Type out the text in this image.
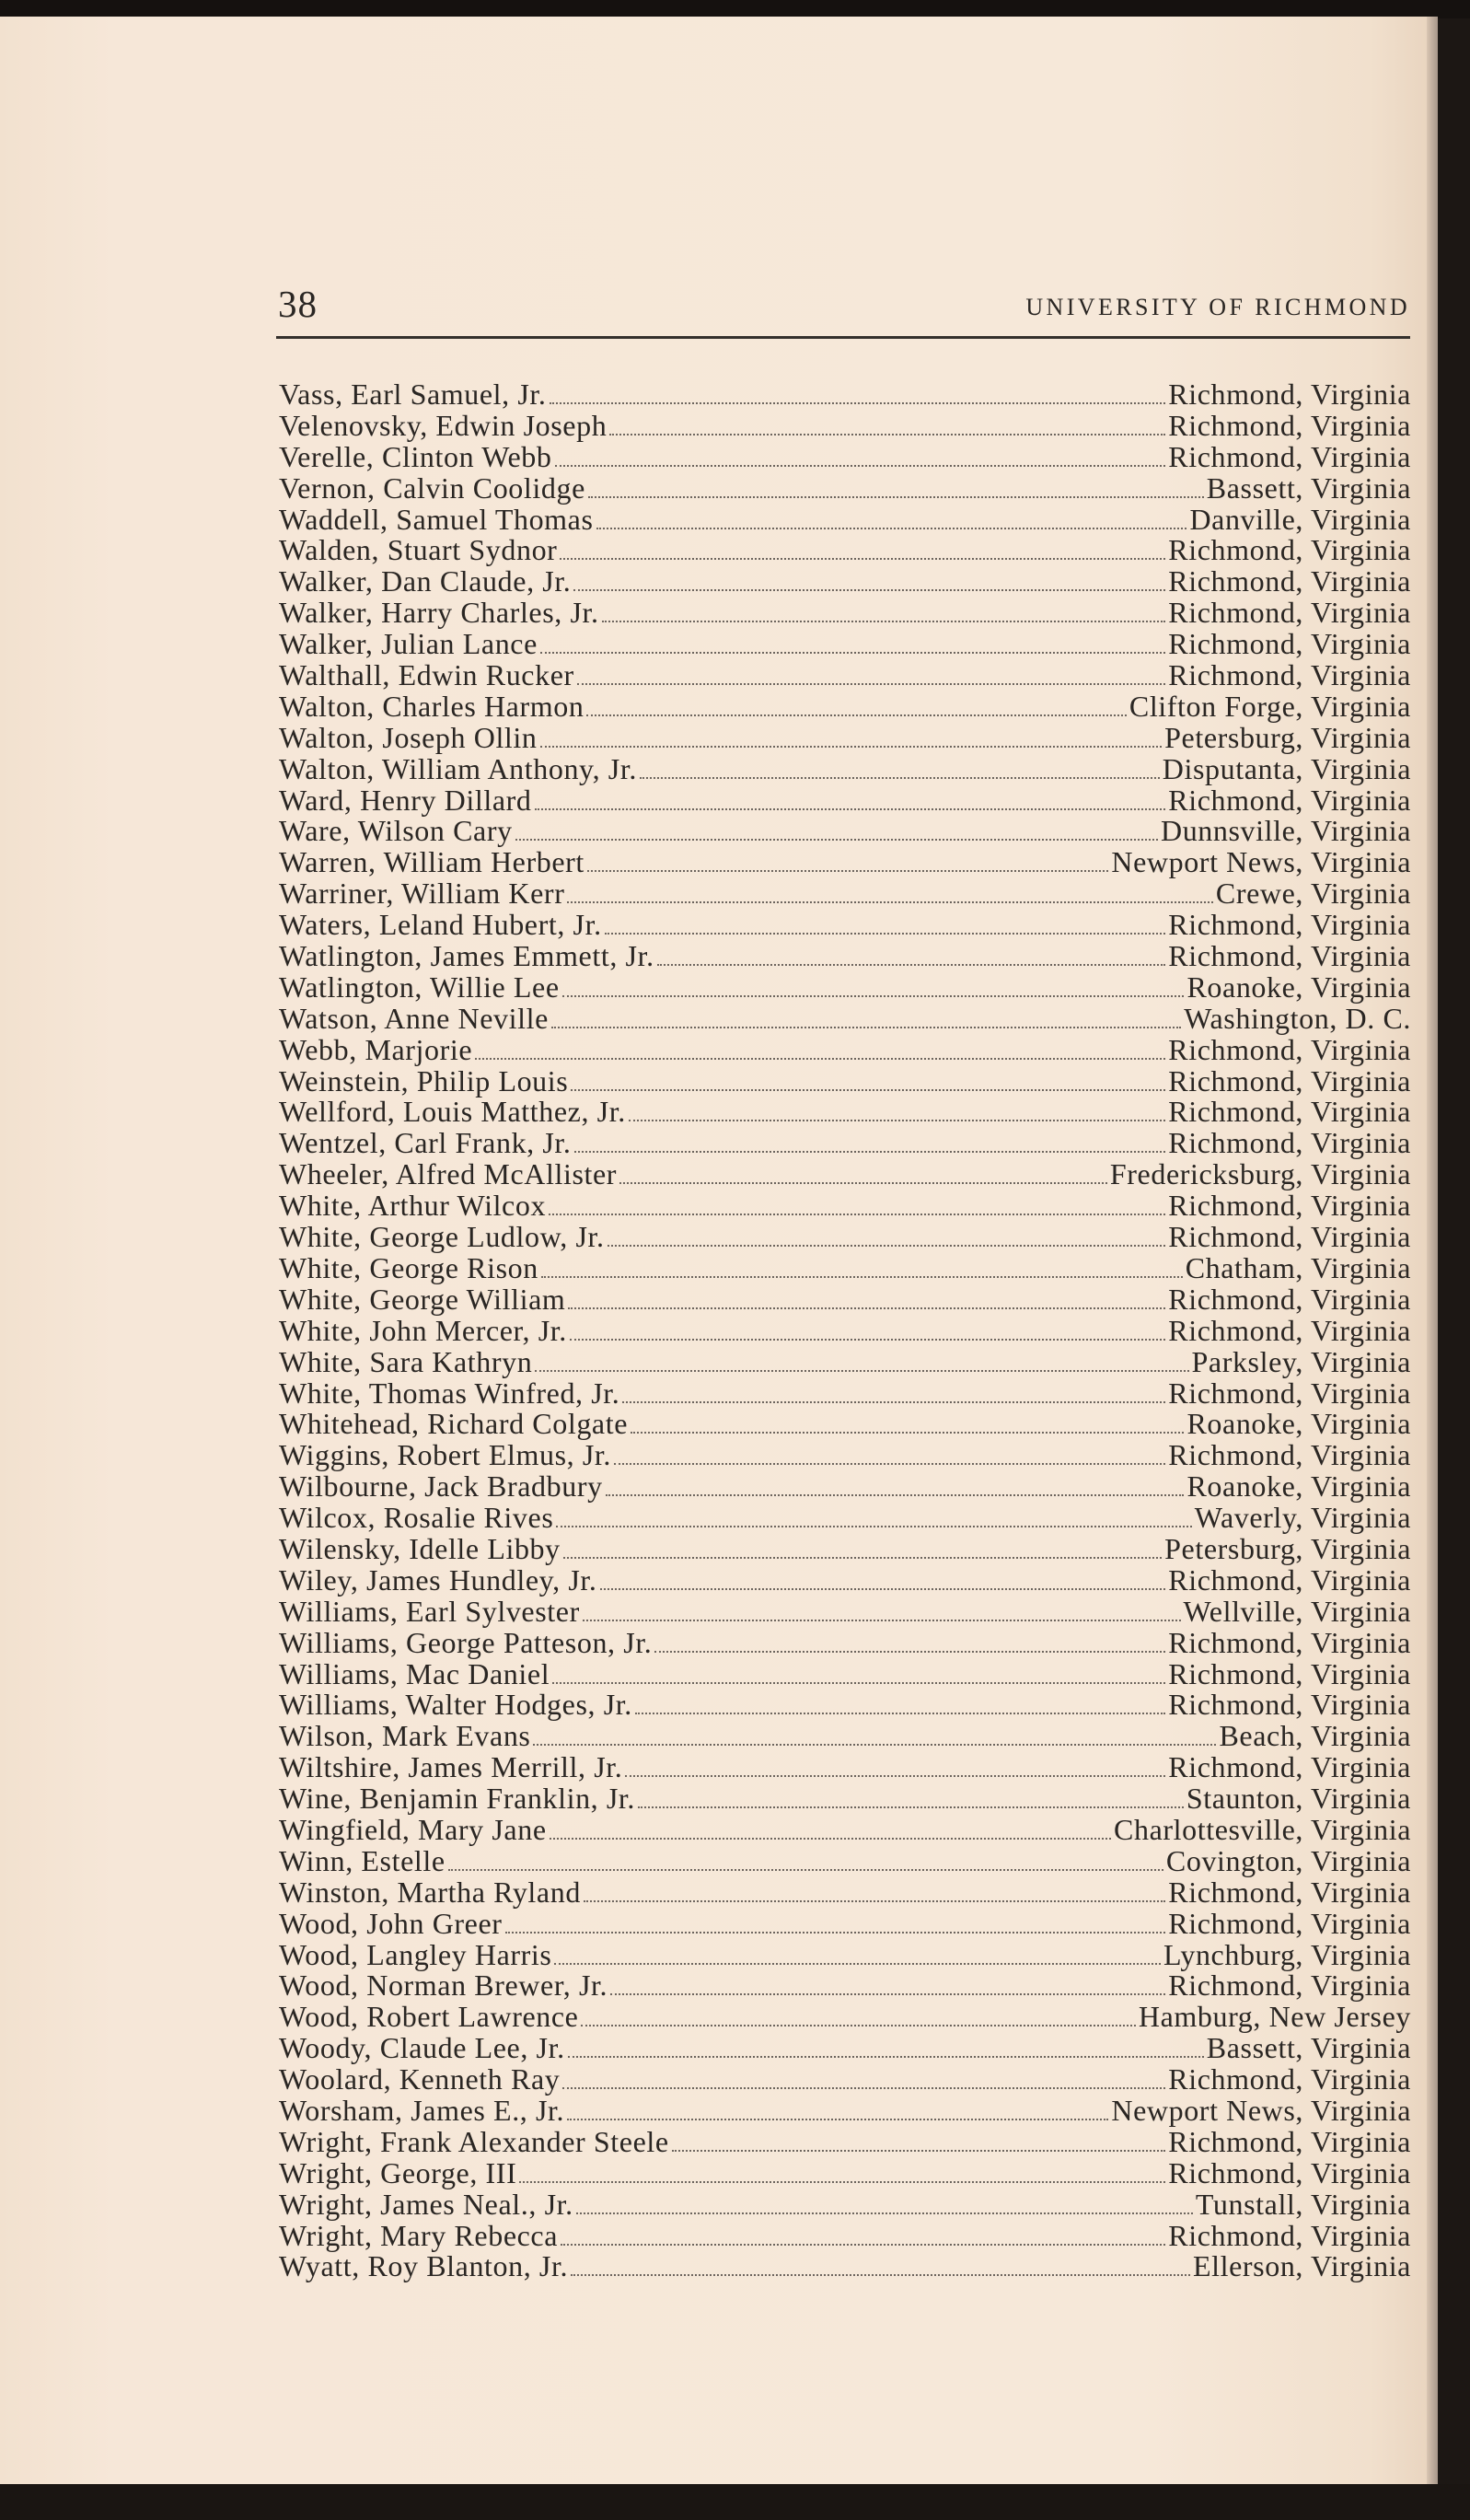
38	UNIVERSITY OF RICHMOND
Vass, Earl Samuel, Jr.	Richmond, Virginia
Velenovsky, Edwin Joseph	Richmond, Virginia
Verelle, Clinton Webb	Richmond, Virginia
Vernon, Calvin Coolidge	Bassett, Virginia
Waddell, Samuel Thomas	Danville, Virginia
Walden, Stuart Sydnor	Richmond, Virginia
Walker, Dan Claude, Jr.	Richmond, Virginia
Walker, Harry Charles, Jr.	Richmond, Virginia
Walker, Julian Lance	Richmond, Virginia
Walthall, Edwin Rucker	Richmond, Virginia
Walton, Charles Harmon	Clifton Forge, Virginia
Walton, Joseph Ollin	Petersburg, Virginia
Walton, William Anthony, Jr.	Disputanta, Virginia
Ward, Henry Dillard	Richmond, Virginia
Ware, Wilson Cary	Dunnsville, Virginia
Warren, William Herbert	Newport News, Virginia
Warriner, William Kerr	Crewe, Virginia
Waters, Leland Hubert, Jr.	Richmond, Virginia
Watlington, James Emmett, Jr.	Richmond, Virginia
Watlington, Willie Lee	Roanoke, Virginia
Watson, Anne Neville	Washington, D. C.
Webb, Marjorie	Richmond, Virginia
Weinstein, Philip Louis	Richmond, Virginia
Wellford, Louis Matthez, Jr.	Richmond, Virginia
Wentzel, Carl Frank, Jr.	Richmond, Virginia
Wheeler, Alfred McAllister	Fredericksburg, Virginia
White, Arthur Wilcox	Richmond, Virginia
White, George Ludlow, Jr.	Richmond, Virginia
White, George Rison	Chatham, Virginia
White, George William	Richmond, Virginia
White, John Mercer, Jr.	Richmond, Virginia
White, Sara Kathryn	Parksley, Virginia
White, Thomas Winfred, Jr.	Richmond, Virginia
Whitehead, Richard Colgate	Roanoke, Virginia
Wiggins, Robert Elmus, Jr.	Richmond, Virginia
Wilbourne, Jack Bradbury	Roanoke, Virginia
Wilcox, Rosalie Rives	Waverly, Virginia
Wilensky, Idelle Libby	Petersburg, Virginia
Wiley, James Hundley, Jr.	Richmond, Virginia
Williams, Earl Sylvester	Wellville, Virginia
Williams, George Patteson, Jr.	Richmond, Virginia
Williams, Mac Daniel	Richmond, Virginia
Williams, Walter Hodges, Jr.	Richmond, Virginia
Wilson, Mark Evans	Beach, Virginia
Wiltshire, James Merrill, Jr.	Richmond, Virginia
Wine, Benjamin Franklin, Jr.	Staunton, Virginia
Wingfield, Mary Jane	Charlottesville, Virginia
Winn, Estelle	Covington, Virginia
Winston, Martha Ryland	Richmond, Virginia
Wood, John Greer	Richmond, Virginia
Wood, Langley Harris	Lynchburg, Virginia
Wood, Norman Brewer, Jr.	Richmond, Virginia
Wood, Robert Lawrence	Hamburg, New Jersey
Woody, Claude Lee, Jr.	Bassett, Virginia
Woolard, Kenneth Ray	Richmond, Virginia
Worsham, James E., Jr.	Newport News, Virginia
Wright, Frank Alexander Steele	Richmond, Virginia
Wright, George, III	Richmond, Virginia
Wright, James Neal., Jr.	Tunstall, Virginia
Wright, Mary Rebecca	Richmond, Virginia
Wyatt, Roy Blanton, Jr.	Ellerson, Virginia
